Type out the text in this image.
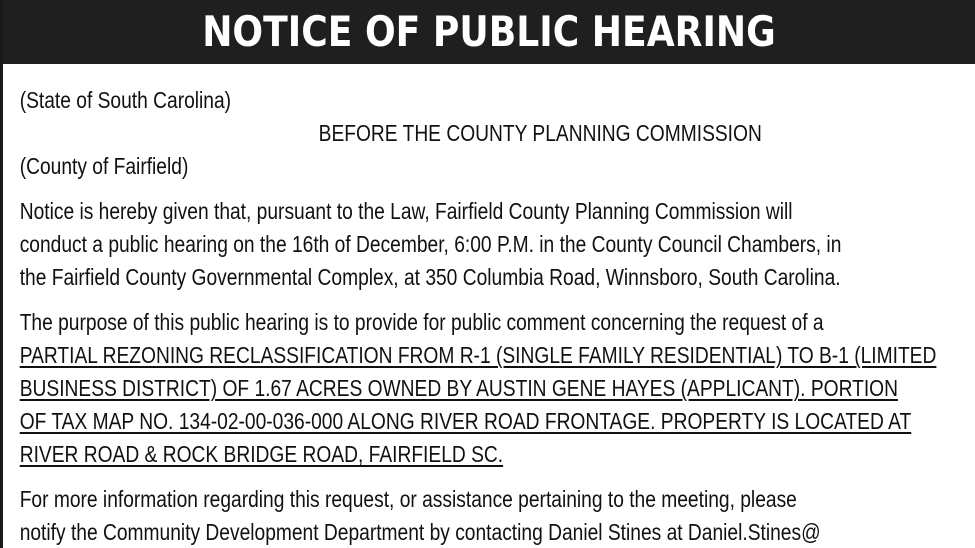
NOTICE OF PUBLIC HEARING
(State of South Carolina)
BEFORE THE COUNTY PLANNING COMMISSION
(County of Fairfield)
Notice is hereby given that, pursuant to the Law, Fairfield County Planning Commission will
conduct a public hearing on the 16th of December, 6:00 P.M. in the County Council Chambers, in
the Fairfield County Governmental Complex, at 350 Columbia Road, Winnsboro, South Carolina.
The purpose of this public hearing is to provide for public comment concerning the request of a
PARTIAL REZONING RECLASSIFICATION FROM R-1 (SINGLE FAMILY RESIDENTIAL) TO B-1 (LIMITED
BUSINESS DISTRICT) OF 1.67 ACRES OWNED BY AUSTIN GENE HAYES (APPLICANT). PORTION
OF TAX MAP NO. 134-02-00-036-000 ALONG RIVER ROAD FRONTAGE. PROPERTY IS LOCATED AT
RIVER ROAD & ROCK BRIDGE ROAD, FAIRFIELD SC.
For more information regarding this request, or assistance pertaining to the meeting, please
notify the Community Development Department by contacting Daniel Stines at Daniel.Stines@
